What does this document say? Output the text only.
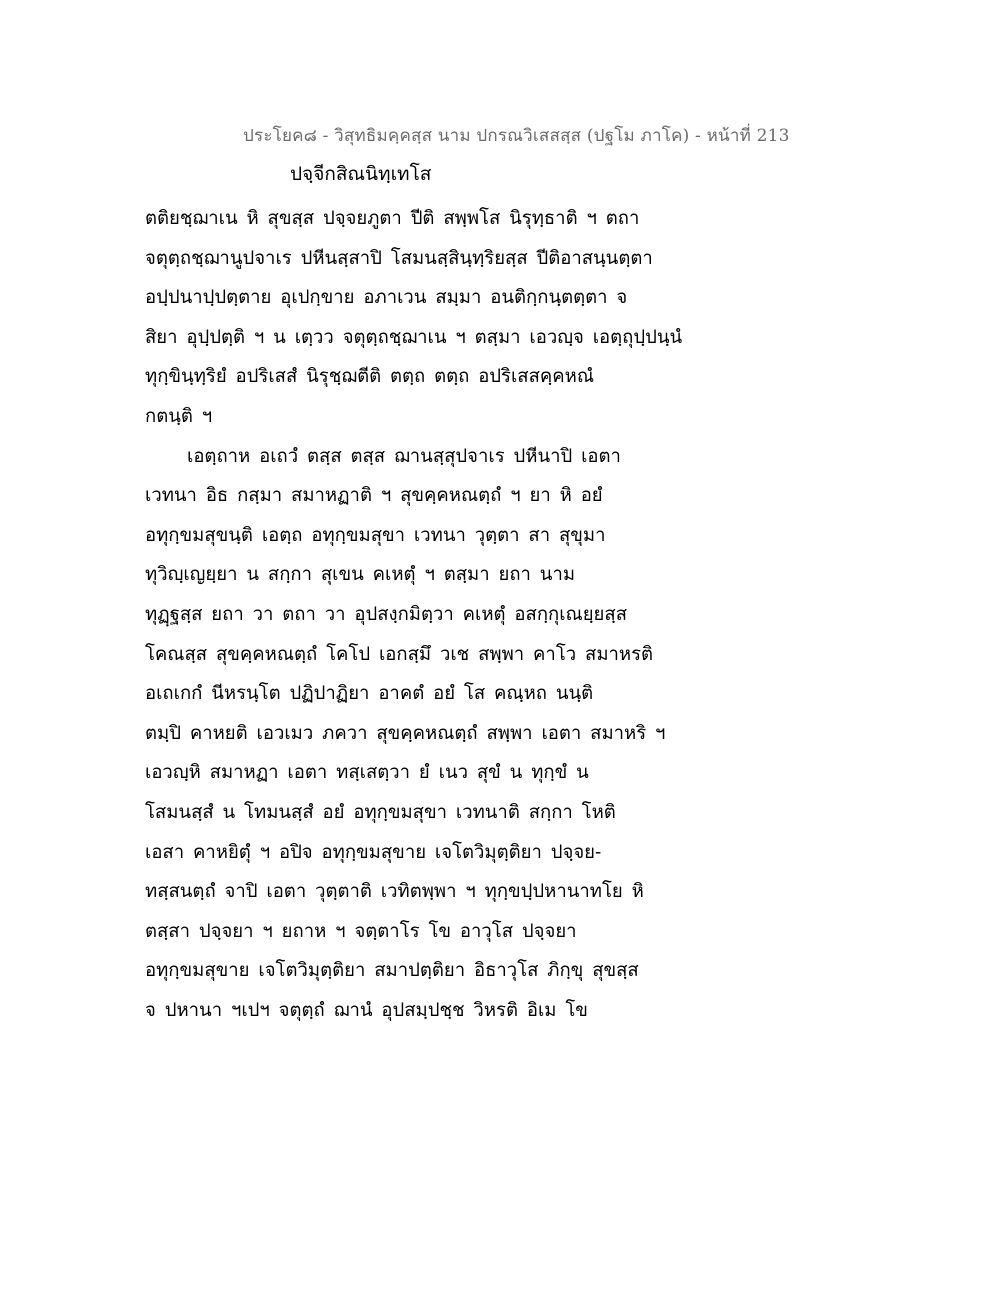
ประโยค๘ - วิสุทธิมคฺคสฺส นาม ปกรณวิเสสสฺส (ปฐโม ภาโค) - หน้าที่ 213
ปจฺจีกสิณนิทฺเทโส
ตติยชฺฌาเน หิ สุขสฺส ปจฺจยภูตา ปีติ สพฺพโส นิรุทฺธาติ ฯ ตถา
จตุตฺถชฺฌานูปจาเร ปหีนสฺสาปิ โสมนสฺสินฺทฺริยสฺส ปีติอาสนฺนตฺตา
อปฺปนาปฺปตฺตาย อุเปกฺขาย อภาเวน สมฺมา อนติกฺกนฺตตฺตา จ
สิยา อุปฺปตฺติ ฯ น เตฺวว จตุตฺถชฺฌาเน ฯ ตสฺมา เอวญฺจ เอตฺถุปฺปนฺนํ
ทุกฺขินฺทฺริยํ อปริเสสํ นิรุชฺฌตีติ ตตฺถ ตตฺถ อปริเสสคฺคหณํ
กตนฺติ ฯ
เอตฺถาห อเถวํ ตสฺส ตสฺส ฌานสฺสุปจาเร ปหีนาปิ เอตา
เวทนา อิธ กสฺมา สมาหฏาติ ฯ สุขคฺคหณตฺถํ ฯ ยา หิ อยํ
อทุกฺขมสุขนฺติ เอตฺถ อทุกฺขมสุขา เวทนา วุตฺตา สา สุขุมา
ทุวิญฺเญยฺยา น สกฺกา สุเขน คเหตุํ ฯ ตสฺมา ยถา นาม
ทุฏฺฐสฺส ยถา วา ตถา วา อุปสงฺกมิตฺวา คเหตุํ อสกฺกุเณยฺยสฺส
โคณสฺส สุขคฺคหณตฺถํ โคโป เอกสฺมึ วเช สพฺพา คาโว สมาหรติ
อเถเกกํ นีหรนฺโต ปฏิปาฏิยา อาคตํ อยํ โส คณฺหถ นนฺติ
ตมฺปิ คาหยติ เอวเมว ภควา สุขคฺคหณตฺถํ สพฺพา เอตา สมาหริ ฯ
เอวญฺหิ สมาหฏา เอตา ทสฺเสตฺวา ยํ เนว สุขํ น ทุกฺขํ น
โสมนสฺสํ น โทมนสฺสํ อยํ อทุกฺขมสุขา เวทนาติ สกฺกา โหติ
เอสา คาหยิตุํ ฯ อปิจ อทุกฺขมสุขาย เจโตวิมุตฺติยา ปจฺจย-
ทสฺสนตฺถํ จาปิ เอตา วุตฺตาติ เวทิตพฺพา ฯ ทุกฺขปฺปหานาทโย หิ
ตสฺสา ปจฺจยา ฯ ยถาห ฯ จตฺตาโร โข อาวุโส ปจฺจยา
อทุกฺขมสุขาย เจโตวิมุตฺติยา สมาปตฺติยา อิธาวุโส ภิกฺขุ สุขสฺส
จ ปหานา ฯเปฯ จตุตฺถํ ฌานํ อุปสมฺปชฺช วิหรติ อิเม โข
